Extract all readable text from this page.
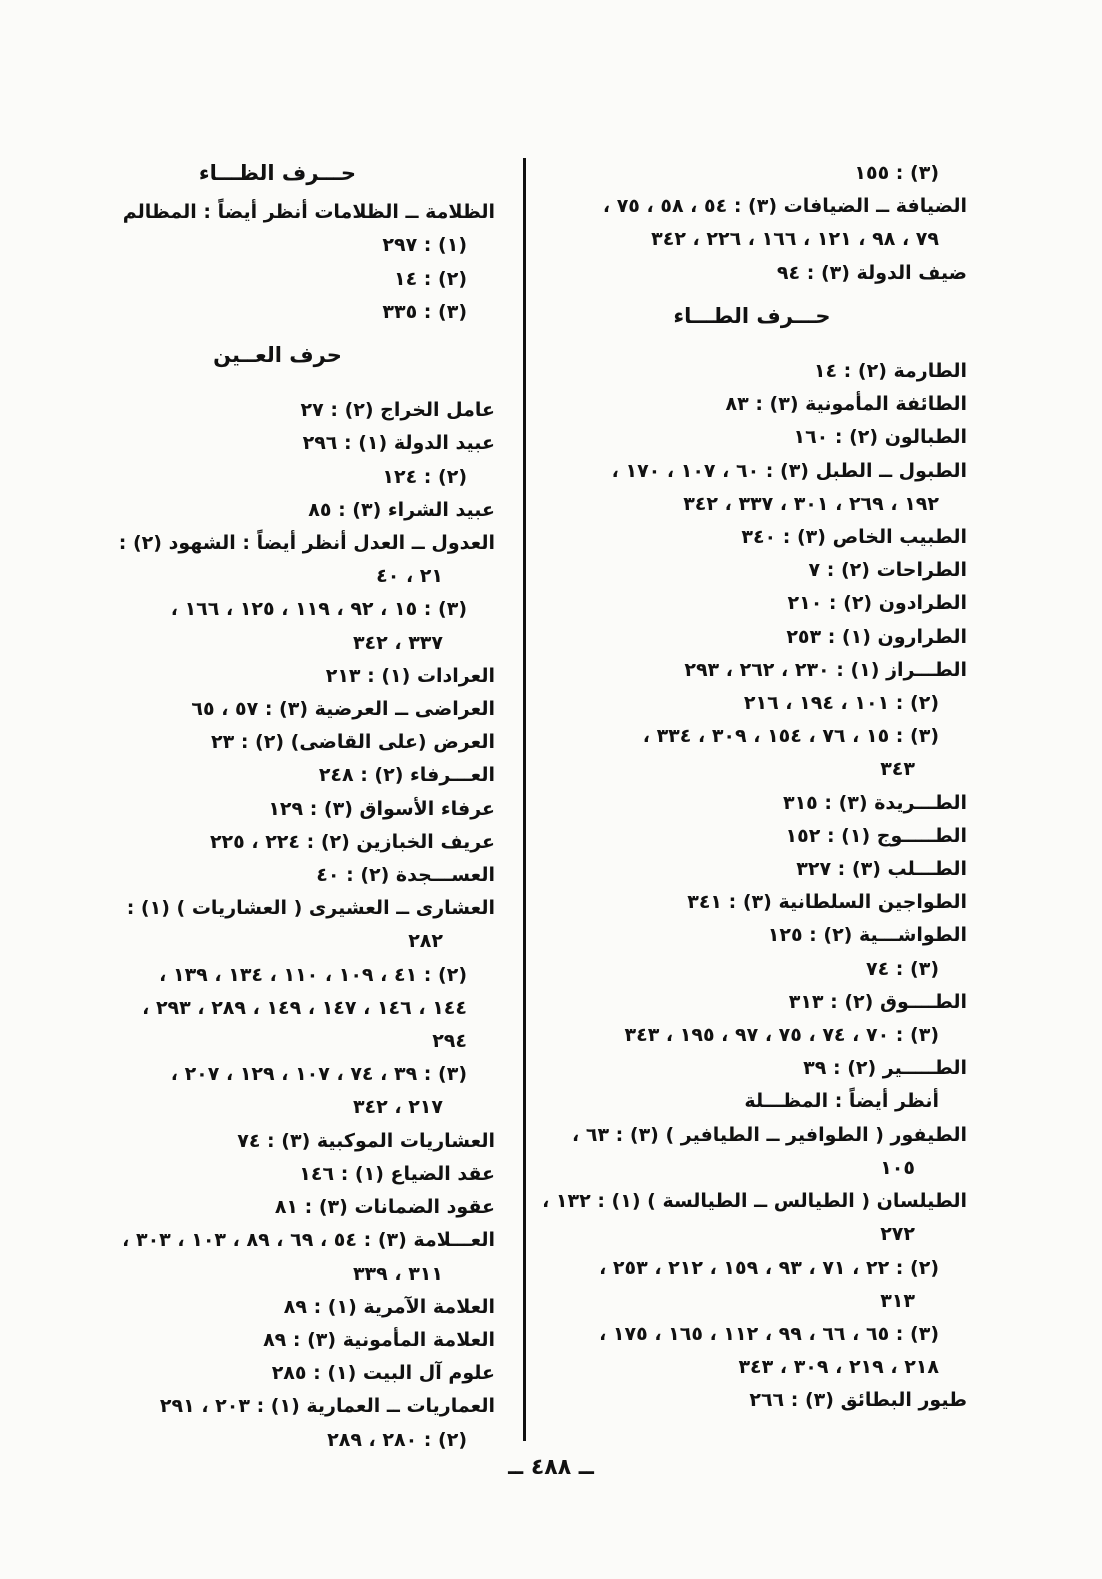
(٣) : ١٥٥
الضيافة ــ الضيافات (٣) : ٥٤ ، ٥٨ ، ٧٥ ،
٧٩ ، ٩٨ ، ١٢١ ، ١٦٦ ، ٢٢٦ ، ٣٤٢
ضيف الدولة (٣) : ٩٤
حـــرف الطـــاء
الطارمة (٢) : ١٤
الطائفة المأمونية (٣) : ٨٣
الطبالون (٢) : ١٦٠
الطبول ــ الطبل (٣) : ٦٠ ، ١٠٧ ، ١٧٠ ،
١٩٢ ، ٢٦٩ ، ٣٠١ ، ٣٣٧ ، ٣٤٢
الطبيب الخاص (٣) : ٣٤٠
الطراحات (٢) : ٧
الطرادون (٢) : ٢١٠
الطرارون (١) : ٢٥٣
الطـــراز (١) : ٢٣٠ ، ٢٦٢ ، ٢٩٣
(٢) : ١٠١ ، ١٩٤ ، ٢١٦
(٣) : ١٥ ، ٧٦ ، ١٥٤ ، ٣٠٩ ، ٣٣٤ ،
٣٤٣
الطـــريدة (٣) : ٣١٥
الطـــــوج (١) : ١٥٢
الطـــلب (٣) : ٣٢٧
الطواجين السلطانية (٣) : ٣٤١
الطواشـــية (٢) : ١٢٥
(٣) : ٧٤
الطــــوق (٢) : ٣١٣
(٣) : ٧٠ ، ٧٤ ، ٧٥ ، ٩٧ ، ١٩٥ ، ٣٤٣
الطـــــير (٢) : ٣٩
أنظر أيضاً : المظـــلة
الطيفور ( الطوافير ــ الطيافير ) (٣) : ٦٣ ،
١٠٥
الطيلسان ( الطيالس ــ الطيالسة ) (١) : ١٣٢ ،
٢٧٢
(٢) : ٢٢ ، ٧١ ، ٩٣ ، ١٥٩ ، ٢١٢ ، ٢٥٣ ،
٣١٣
(٣) : ٦٥ ، ٦٦ ، ٩٩ ، ١١٢ ، ١٦٥ ، ١٧٥ ،
٢١٨ ، ٢١٩ ، ٣٠٩ ، ٣٤٣
طيور البطائق (٣) : ٢٦٦
حـــرف الظـــاء
الظلامة ــ الظلامات أنظر أيضاً : المظالم
(١) : ٢٩٧
(٢) : ١٤
(٣) : ٣٣٥
حرف العــين
عامل الخراج (٢) : ٢٧
عبيد الدولة (١) : ٢٩٦
(٢) : ١٢٤
عبيد الشراء (٣) : ٨٥
العدول ــ العدل أنظر أيضاً : الشهود (٢) :
٢١ ، ٤٠
(٣) : ١٥ ، ٩٢ ، ١١٩ ، ١٢٥ ، ١٦٦ ،
٣٣٧ ، ٣٤٢
العرادات (١) : ٢١٣
العراضى ــ العرضية (٣) : ٥٧ ، ٦٥
العرض (على القاضى) (٢) : ٢٣
العـــرفاء (٢) : ٢٤٨
عرفاء الأسواق (٣) : ١٢٩
عريف الخبازين (٢) : ٢٢٤ ، ٢٢٥
العســـجدة (٢) : ٤٠
العشارى ــ العشيرى ( العشاريات ) (١) :
٢٨٢
(٢) : ٤١ ، ١٠٩ ، ١١٠ ، ١٣٤ ، ١٣٩ ،
١٤٤ ، ١٤٦ ، ١٤٧ ، ١٤٩ ، ٢٨٩ ، ٢٩٣ ،
٢٩٤
(٣) : ٣٩ ، ٧٤ ، ١٠٧ ، ١٢٩ ، ٢٠٧ ،
٢١٧ ، ٣٤٢
العشاريات الموكبية (٣) : ٧٤
عقد الضياع (١) : ١٤٦
عقود الضمانات (٣) : ٨١
العـــلامة (٣) : ٥٤ ، ٦٩ ، ٨٩ ، ١٠٣ ، ٣٠٣ ،
٣١١ ، ٣٣٩
العلامة الآمرية (١) : ٨٩
العلامة المأمونية (٣) : ٨٩
علوم آل البيت (١) : ٢٨٥
العماريات ــ العمارية (١) : ٢٠٣ ، ٢٩١
(٢) : ٢٨٠ ، ٢٨٩
ــ ٤٨٨ ــ
